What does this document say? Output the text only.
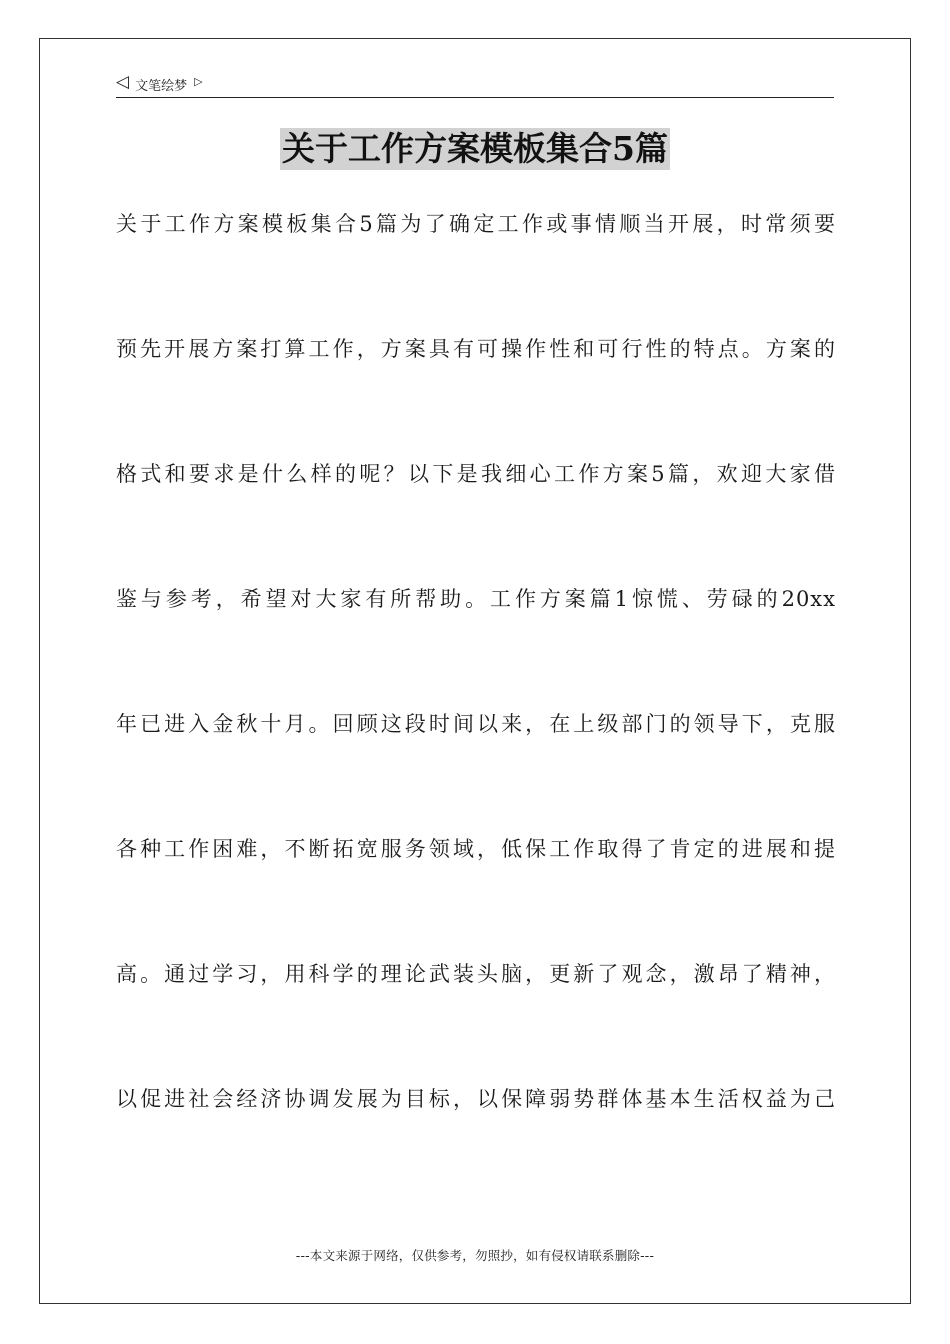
◁ 文笔绘梦 ▷
关于工作方案模板集合5篇
关于工作方案模板集合5篇为了确定工作或事情顺当开展，时常须要
预先开展方案打算工作，方案具有可操作性和可行性的特点。方案的
格式和要求是什么样的呢？以下是我细心工作方案5篇，欢迎大家借
鉴与参考，希望对大家有所帮助。工作方案篇1惊慌、劳碌的20xx
年已进入金秋十月。回顾这段时间以来，在上级部门的领导下，克服
各种工作困难，不断拓宽服务领域，低保工作取得了肯定的进展和提
高。通过学习，用科学的理论武装头脑，更新了观念，激昂了精神，
以促进社会经济协调发展为目标，以保障弱势群体基本生活权益为己
---本文来源于网络，仅供参考，勿照抄，如有侵权请联系删除---
